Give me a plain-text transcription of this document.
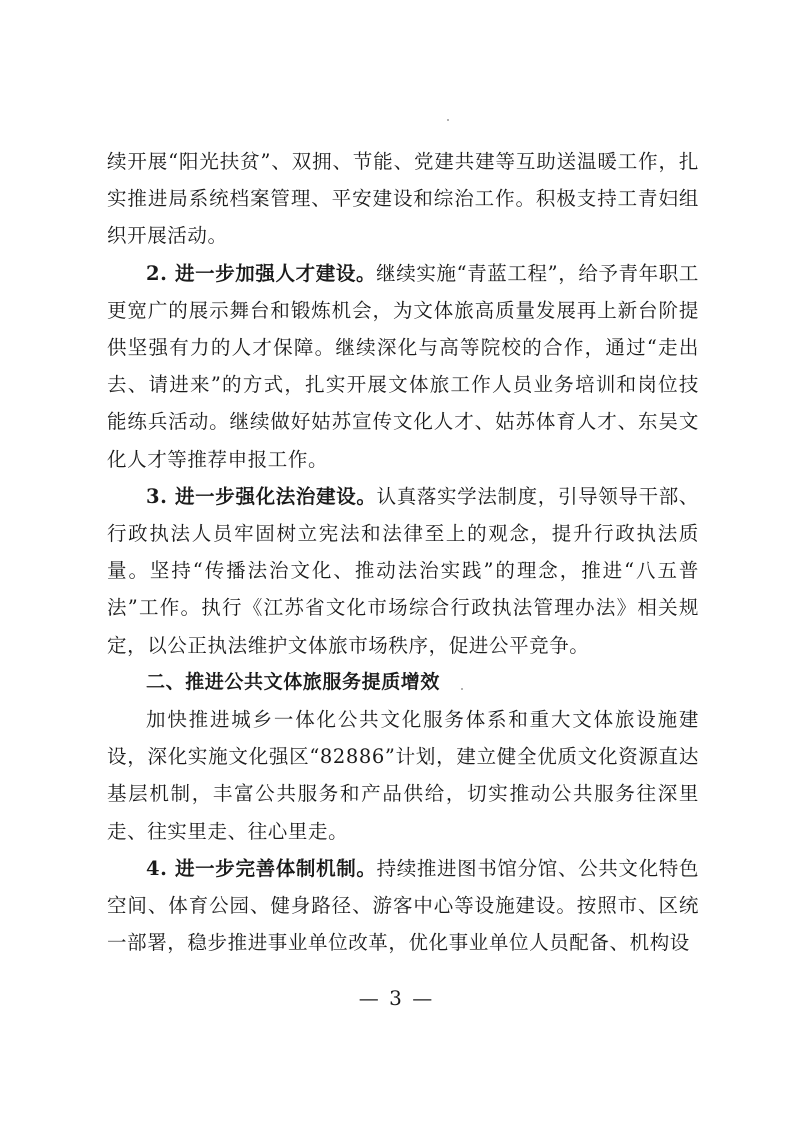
续开展“阳光扶贫”、双拥、节能、党建共建等互助送温暖工作，扎实推进局系统档案管理、平安建设和综治工作。积极支持工青妇组织开展活动。

2. 进一步加强人才建设。继续实施“青蓝工程”，给予青年职工更宽广的展示舞台和锻炼机会，为文体旅高质量发展再上新台阶提供坚强有力的人才保障。继续深化与高等院校的合作，通过“走出去、请进来”的方式，扎实开展文体旅工作人员业务培训和岗位技能练兵活动。继续做好姑苏宣传文化人才、姑苏体育人才、东吴文化人才等推荐申报工作。

3. 进一步强化法治建设。认真落实学法制度，引导领导干部、行政执法人员牢固树立宪法和法律至上的观念，提升行政执法质量。坚持“传播法治文化、推动法治实践”的理念，推进“八五普法”工作。执行《江苏省文化市场综合行政执法管理办法》相关规定，以公正执法维护文体旅市场秩序，促进公平竞争。

二、推进公共文体旅服务提质增效

加快推进城乡一体化公共文化服务体系和重大文体旅设施建设，深化实施文化强区“82886”计划，建立健全优质文化资源直达基层机制，丰富公共服务和产品供给，切实推动公共服务往深里走、往实里走、往心里走。

4. 进一步完善体制机制。持续推进图书馆分馆、公共文化特色空间、体育公园、健身路径、游客中心等设施建设。按照市、区统一部署，稳步推进事业单位改革，优化事业单位人员配备、机构设

— 3 —
